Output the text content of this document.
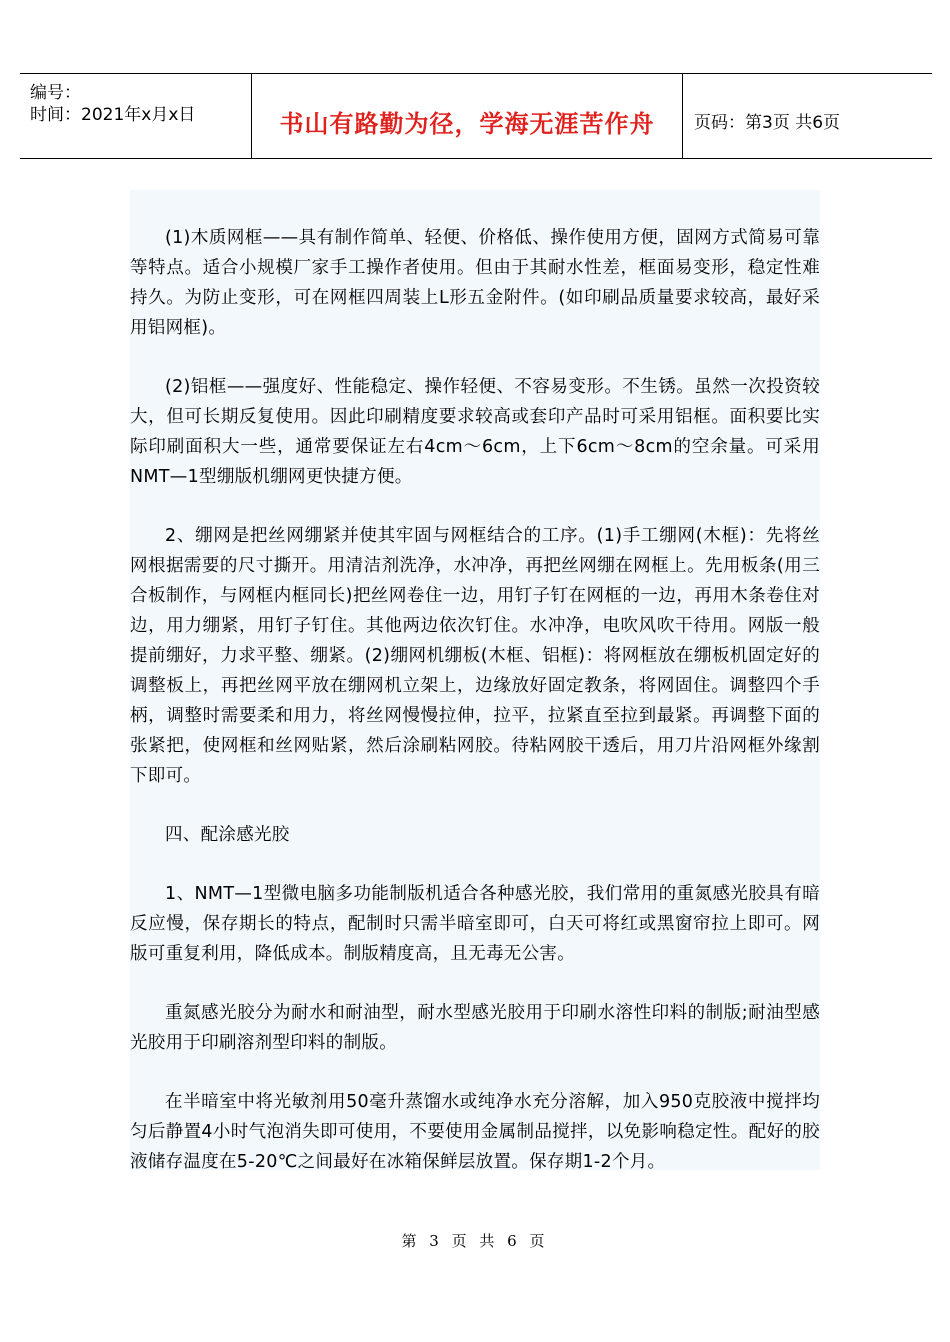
编号：
时间：2021年x月x日	书山有路勤为径，学海无涯苦作舟	页码：第3页 共6页

(1)木质网框——具有制作简单、轻便、价格低、操作使用方便，固网方式简易可靠等特点。适合小规模厂家手工操作者使用。但由于其耐水性差，框面易变形，稳定性难持久。为防止变形，可在网框四周装上L形五金附件。(如印刷品质量要求较高，最好采用铝网框)。

(2)铝框——强度好、性能稳定、操作轻便、不容易变形。不生锈。虽然一次投资较大，但可长期反复使用。因此印刷精度要求较高或套印产品时可采用铝框。面积要比实际印刷面积大一些，通常要保证左右4cm～6cm，上下6cm～8cm的空余量。可采用NMT—1型绷版机绷网更快捷方便。

2、绷网是把丝网绷紧并使其牢固与网框结合的工序。(1)手工绷网(木框)：先将丝网根据需要的尺寸撕开。用清洁剂洗净，水冲净，再把丝网绷在网框上。先用板条(用三合板制作，与网框内框同长)把丝网卷住一边，用钉子钉在网框的一边，再用木条卷住对边，用力绷紧，用钉子钉住。其他两边依次钉住。水冲净，电吹风吹干待用。网版一般提前绷好，力求平整、绷紧。(2)绷网机绷板(木框、铝框)：将网框放在绷板机固定好的调整板上，再把丝网平放在绷网机立架上，边缘放好固定教条，将网固住。调整四个手柄，调整时需要柔和用力，将丝网慢慢拉伸，拉平，拉紧直至拉到最紧。再调整下面的张紧把，使网框和丝网贴紧，然后涂刷粘网胶。待粘网胶干透后，用刀片沿网框外缘割下即可。

四、配涂感光胶

1、NMT—1型微电脑多功能制版机适合各种感光胶，我们常用的重氮感光胶具有暗反应慢，保存期长的特点，配制时只需半暗室即可，白天可将红或黑窗帘拉上即可。网版可重复利用，降低成本。制版精度高，且无毒无公害。

重氮感光胶分为耐水和耐油型，耐水型感光胶用于印刷水溶性印料的制版;耐油型感光胶用于印刷溶剂型印料的制版。

在半暗室中将光敏剂用50毫升蒸馏水或纯净水充分溶解，加入950克胶液中搅拌均匀后静置4小时气泡消失即可使用，不要使用金属制品搅拌，以免影响稳定性。配好的胶液储存温度在5-20℃之间最好在冰箱保鲜层放置。保存期1-2个月。

第 3 页 共 6 页
